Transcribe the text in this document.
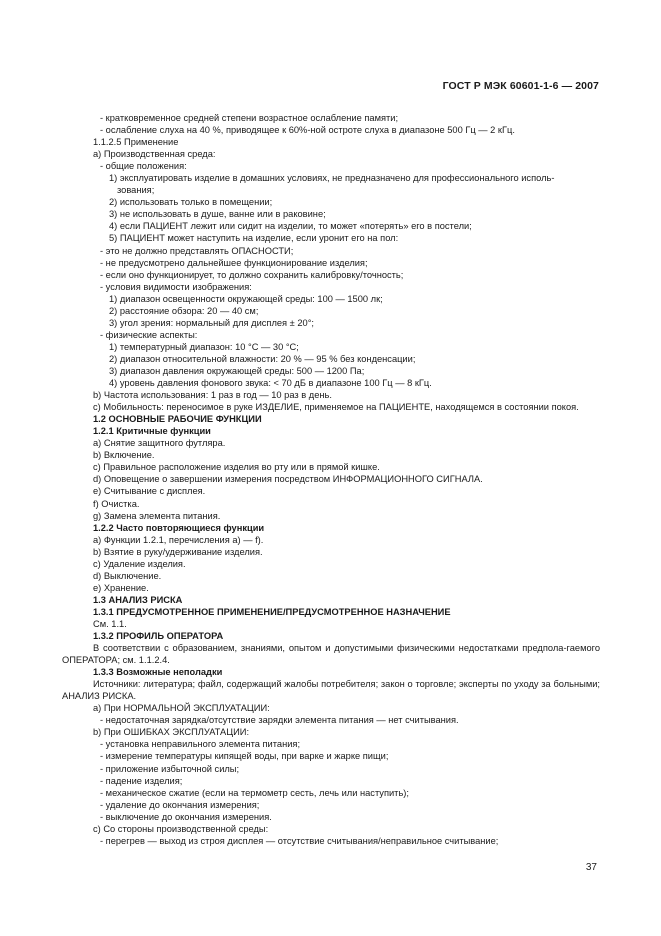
ГОСТ Р МЭК 60601-1-6 — 2007
- кратковременное средней степени возрастное ослабление памяти;
- ослабление слуха на 40 %, приводящее к 60%-ной остроте слуха в диапазоне 500 Гц — 2 кГц.
1.1.2.5 Применение
а) Производственная среда:
- общие положения:
1) эксплуатировать изделие в домашних условиях, не предназначено для профессионального исполь-
зования;
2) использовать только в помещении;
3) не использовать в душе, ванне или в раковине;
4) если ПАЦИЕНТ лежит или сидит на изделии, то может «потерять» его в постели;
5) ПАЦИЕНТ может наступить на изделие, если уронит его на пол:
- это не должно представлять ОПАСНОСТИ;
- не предусмотрено дальнейшее функционирование изделия;
- если оно функционирует, то должно сохранить калибровку/точность;
- условия видимости изображения:
1) диапазон освещенности окружающей среды: 100 — 1500 лк;
2) расстояние обзора: 20 — 40 см;
3) угол зрения: нормальный для дисплея ± 20°;
- физические аспекты:
1) температурный диапазон: 10 °С — 30 °С;
2) диапазон относительной влажности: 20 % — 95 % без конденсации;
3) диапазон давления окружающей среды: 500 — 1200 Па;
4) уровень давления фонового звука: < 70 дБ в диапазоне 100 Гц — 8 кГц.
b) Частота использования: 1 раз в год — 10 раз в день.
с) Мобильность: переносимое в руке ИЗДЕЛИЕ, применяемое на ПАЦИЕНТЕ, находящемся в состоянии покоя.
1.2 ОСНОВНЫЕ РАБОЧИЕ ФУНКЦИИ
1.2.1 Критичные функции
а) Снятие защитного футляра.
b) Включение.
с) Правильное расположение изделия во рту или в прямой кишке.
d) Оповещение о завершении измерения посредством ИНФОРМАЦИОННОГО СИГНАЛА.
е) Считывание с дисплея.
f) Очистка.
g) Замена элемента питания.
1.2.2 Часто повторяющиеся функции
а) Функции 1.2.1, перечисления а) — f).
b) Взятие в руку/удерживание изделия.
с) Удаление изделия.
d) Выключение.
е) Хранение.
1.3 АНАЛИЗ РИСКА
1.3.1 ПРЕДУСМОТРЕННОЕ ПРИМЕНЕНИЕ/ПРЕДУСМОТРЕННОЕ НАЗНАЧЕНИЕ
См. 1.1.
1.3.2 ПРОФИЛЬ ОПЕРАТОРА
В соответствии с образованием, знаниями, опытом и допустимыми физическими недостатками предпола-гаемого ОПЕРАТОРА; см. 1.1.2.4.
1.3.3 Возможные неполадки
Источники: литература; файл, содержащий жалобы потребителя; закон о торговле; эксперты по уходу за больными; АНАЛИЗ РИСКА.
а) При НОРМАЛЬНОЙ ЭКСПЛУАТАЦИИ:
- недостаточная зарядка/отсутствие зарядки элемента питания — нет считывания.
b) При ОШИБКАХ ЭКСПЛУАТАЦИИ:
- установка неправильного элемента питания;
- измерение температуры кипящей воды, при варке и жарке пищи;
- приложение избыточной силы;
- падение изделия;
- механическое сжатие (если на термометр сесть, лечь или наступить);
- удаление до окончания измерения;
- выключение до окончания измерения.
с) Со стороны производственной среды:
- перегрев — выход из строя дисплея — отсутствие считывания/неправильное считывание;
37
